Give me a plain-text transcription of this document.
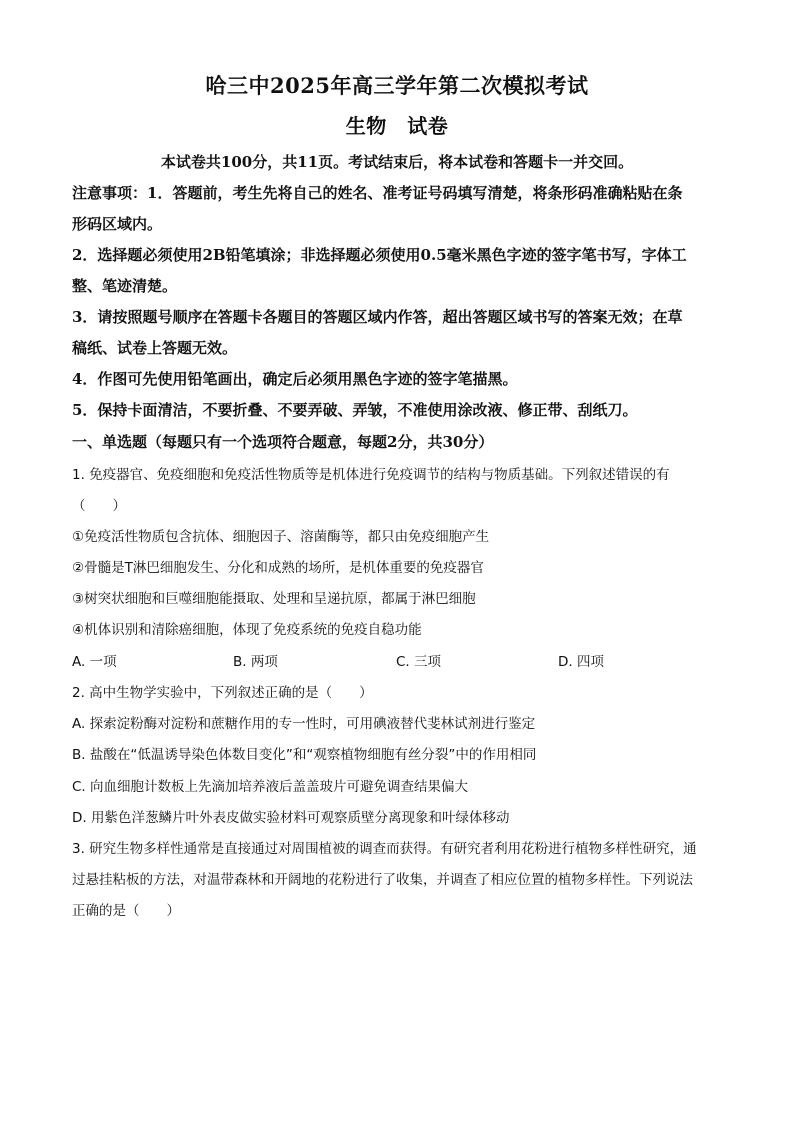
哈三中2025年高三学年第二次模拟考试
生物　试卷
本试卷共100分，共11页。考试结束后，将本试卷和答题卡一并交回。
注意事项：1．答题前，考生先将自己的姓名、准考证号码填写清楚，将条形码准确粘贴在条
形码区域内。
2．选择题必须使用2B铅笔填涂；非选择题必须使用0.5毫米黑色字迹的签字笔书写，字体工
整、笔迹清楚。
3．请按照题号顺序在答题卡各题目的答题区域内作答，超出答题区域书写的答案无效；在草
稿纸、试卷上答题无效。
4．作图可先使用铅笔画出，确定后必须用黑色字迹的签字笔描黑。
5．保持卡面清洁，不要折叠、不要弄破、弄皱，不准使用涂改液、修正带、刮纸刀。
一、单选题（每题只有一个选项符合题意，每题2分，共30分）
1. 免疫器官、免疫细胞和免疫活性物质等是机体进行免疫调节的结构与物质基础。下列叙述错误的有
（　　）
①免疫活性物质包含抗体、细胞因子、溶菌酶等，都只由免疫细胞产生
②骨髓是T淋巴细胞发生、分化和成熟的场所，是机体重要的免疫器官
③树突状细胞和巨噬细胞能摄取、处理和呈递抗原，都属于淋巴细胞
④机体识别和清除癌细胞，体现了免疫系统的免疫自稳功能
A. 一项	B. 两项	C. 三项	D. 四项
2. 高中生物学实验中，下列叙述正确的是（　　）
A. 探索淀粉酶对淀粉和蔗糖作用的专一性时，可用碘液替代斐林试剂进行鉴定
B. 盐酸在“低温诱导染色体数目变化”和“观察植物细胞有丝分裂”中的作用相同
C. 向血细胞计数板上先滴加培养液后盖盖玻片可避免调查结果偏大
D. 用紫色洋葱鳞片叶外表皮做实验材料可观察质壁分离现象和叶绿体移动
3. 研究生物多样性通常是直接通过对周围植被的调查而获得。有研究者利用花粉进行植物多样性研究，通
过悬挂粘板的方法，对温带森林和开阔地的花粉进行了收集，并调查了相应位置的植物多样性。下列说法
正确的是（　　）
